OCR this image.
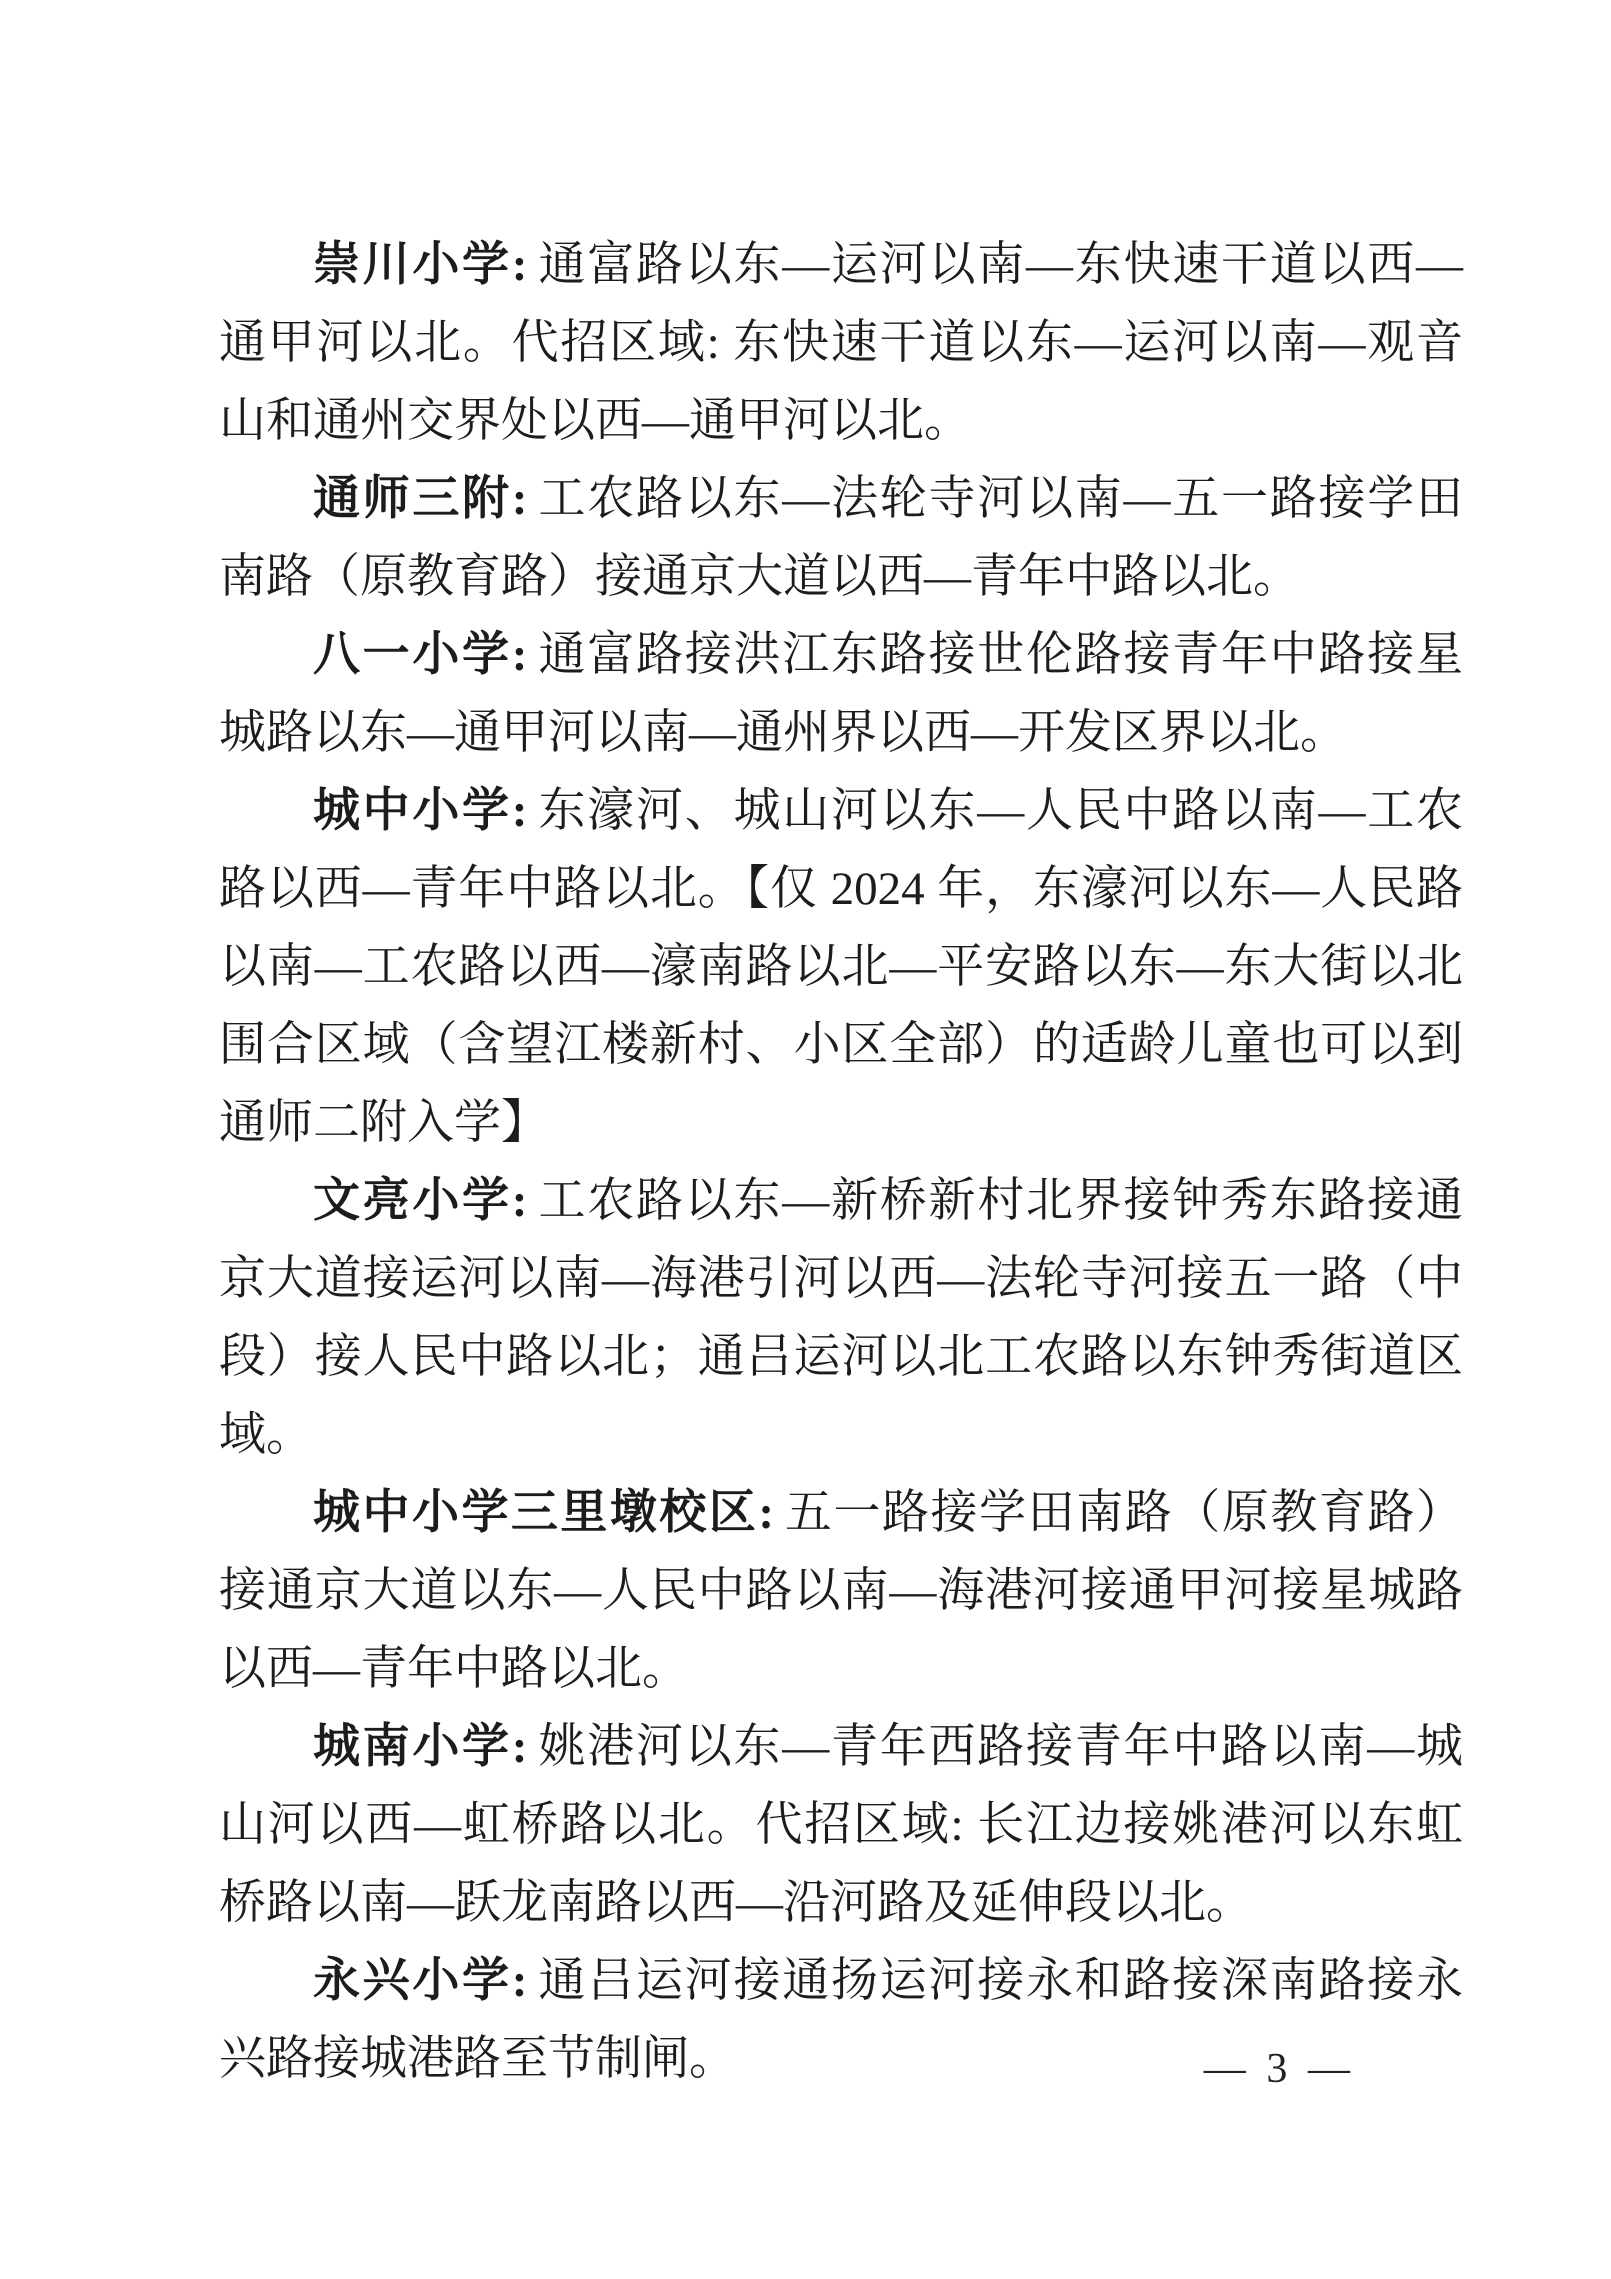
崇川小学: 通富路以东—运河以南—东快速干道以西—通甲河以北。代招区域: 东快速干道以东—运河以南—观音山和通州交界处以西—通甲河以北。

通师三附: 工农路以东—法轮寺河以南—五一路接学田南路（原教育路）接通京大道以西—青年中路以北。

八一小学: 通富路接洪江东路接世伦路接青年中路接星城路以东—通甲河以南—通州界以西—开发区界以北。

城中小学: 东濠河、城山河以东—人民中路以南—工农路以西—青年中路以北。【仅 2024 年，东濠河以东—人民路以南—工农路以西—濠南路以北—平安路以东—东大街以北围合区域（含望江楼新村、小区全部）的适龄儿童也可以到通师二附入学】

文亮小学: 工农路以东—新桥新村北界接钟秀东路接通京大道接运河以南—海港引河以西—法轮寺河接五一路（中段）接人民中路以北；通吕运河以北工农路以东钟秀街道区域。

城中小学三里墩校区: 五一路接学田南路（原教育路）接通京大道以东—人民中路以南—海港河接通甲河接星城路以西—青年中路以北。

城南小学: 姚港河以东—青年西路接青年中路以南—城山河以西—虹桥路以北。代招区域: 长江边接姚港河以东虹桥路以南—跃龙南路以西—沿河路及延伸段以北。

永兴小学: 通吕运河接通扬运河接永和路接深南路接永兴路接城港路至节制闸。	— 3 —
